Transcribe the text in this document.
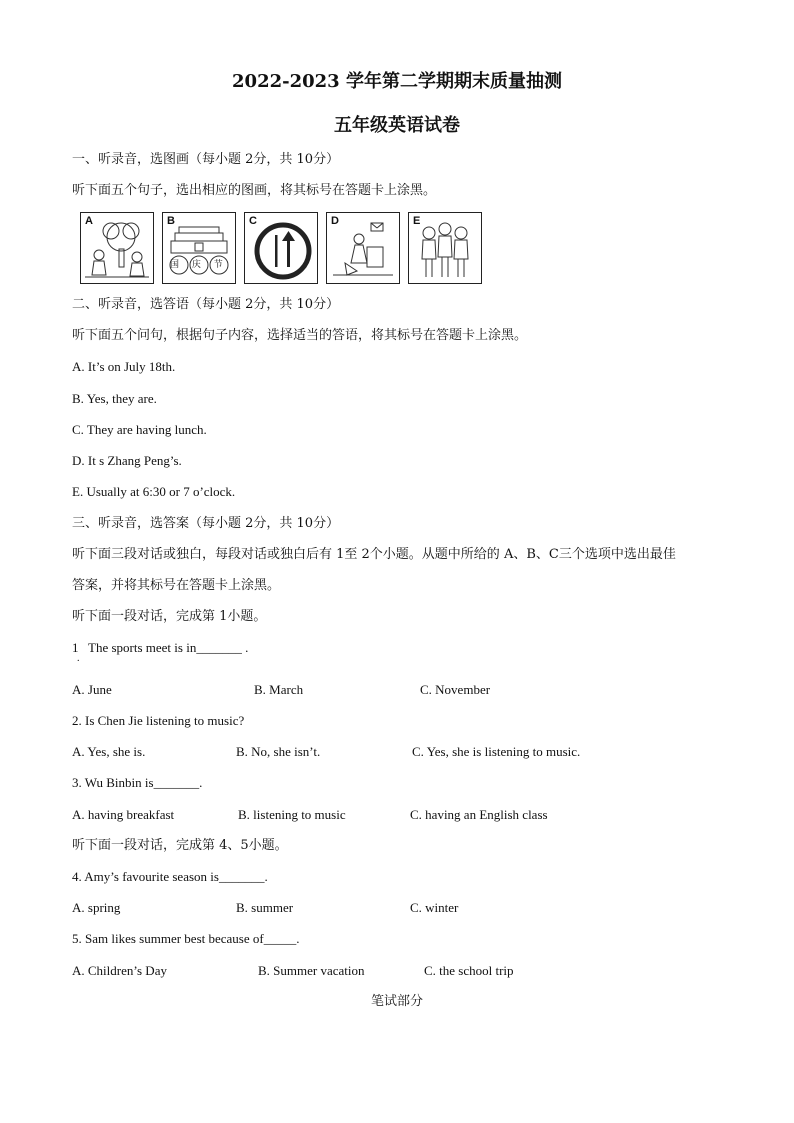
2022-2023 学年第二学期期末质量抽测
五年级英语试卷
一、听录音，选图画（每小题 2分，共 10分）
听下面五个句子，选出相应的图画，将其标号在答题卡上涂黑。
A	B
国 庆 节
C	D	E
二、听录音，选答语（每小题 2分，共 10分）
听下面五个问句，根据句子内容，选择适当的答语，将其标号在答题卡上涂黑。
A. It’s on July 18th.
B. Yes, they are.
C. They are having lunch.
D. It s Zhang Peng’s.
E. Usually at 6:30 or 7 o’clock.
三、听录音，选答案（每小题 2分，共 10分）
听下面三段对话或独白，每段对话或独白后有 1至 2个小题。从题中所给的 A、B、C三个选项中选出最佳
答案，并将其标号在答题卡上涂黑。
听下面一段对话，完成第 1小题。
1
.
The sports meet is in_______ .
A. June	B. March	C. November
2. Is Chen Jie listening to music?
A. Yes, she is.	B. No, she isn’t.	C. Yes, she is listening to music.
3. Wu Binbin is_______.
A. having breakfast	B. listening to music	C. having an English class
听下面一段对话，完成第 4、5小题。
4. Amy’s favourite season is_______.
A. spring	B. summer	C. winter
5. Sam likes summer best because of_____.
A. Children’s Day	B. Summer vacation	C. the school trip
笔试部分
